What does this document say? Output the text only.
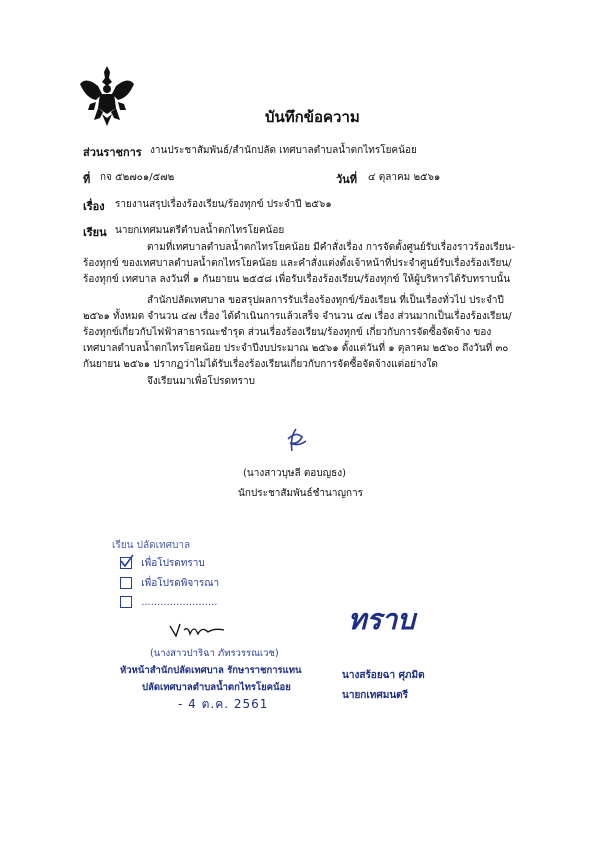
บันทึกข้อความ
ส่วนราชการ งานประชาสัมพันธ์/สำนักปลัด เทศบาลตำบลน้ำตกไทรโยคน้อย
ที่ กจ ๕๒๗๐๑/๕๗๒	วันที่ ๔ ตุลาคม ๒๕๖๑
เรื่อง รายงานสรุปเรื่องร้องเรียน/ร้องทุกข์ ประจำปี ๒๕๖๑
เรียน นายกเทศมนตรีตำบลน้ำตกไทรโยคน้อย
ตามที่เทศบาลตำบลน้ำตกไทรโยคน้อย มีคำสั่งเรื่อง การจัดตั้งศูนย์รับเรื่องราวร้องเรียน-ร้องทุกข์ ของเทศบาลตำบลน้ำตกไทรโยคน้อย และคำสั่งแต่งตั้งเจ้าหน้าที่ประจำศูนย์รับเรื่องร้องเรียน/ร้องทุกข์ เทศบาล ลงวันที่ ๑ กันยายน ๒๕๕๘ เพื่อรับเรื่องร้องเรียน/ร้องทุกข์ ให้ผู้บริหารได้รับทราบนั้น
สำนักปลัดเทศบาล ขอสรุปผลการรับเรื่องร้องทุกข์/ร้องเรียน ที่เป็นเรื่องทั่วไป ประจำปี ๒๕๖๑ ทั้งหมด จำนวน ๔๗ เรื่อง ได้ดำเนินการแล้วเสร็จ จำนวน ๔๗ เรื่อง ส่วนมากเป็นเรื่องร้องเรียน/ร้องทุกข์เกี่ยวกับไฟฟ้าสาธารณะชำรุด ส่วนเรื่องร้องเรียน/ร้องทุกข์ เกี่ยวกับการจัดซื้อจัดจ้าง ของเทศบาลตำบลน้ำตกไทรโยคน้อย ประจำปีงบประมาณ ๒๕๖๑ ตั้งแต่วันที่ ๑ ตุลาคม ๒๕๖๐ ถึงวันที่ ๓๐ กันยายน ๒๕๖๑ ปรากฏว่าไม่ได้รับเรื่องร้องเรียนเกี่ยวกับการจัดซื้อจัดจ้างแต่อย่างใด
จึงเรียนมาเพื่อโปรดทราบ
(นางสาวบุษลี ตอบญธง)
นักประชาสัมพันธ์ชำนาญการ
เรียน ปลัดเทศบาล
เพื่อโปรดทราบ
เพื่อโปรดพิจารณา
........................
(นางสาวปาริฉา ภัทรวรรณเวช)
หัวหน้าสำนักปลัดเทศบาล รักษาราชการแทน
ปลัดเทศบาลตำบลน้ำตกไทรโยคน้อย
- 4 ต.ค. 2561
ทราบ
นางสร้อยฉา ศุภมิต
นายกเทศมนตรี
